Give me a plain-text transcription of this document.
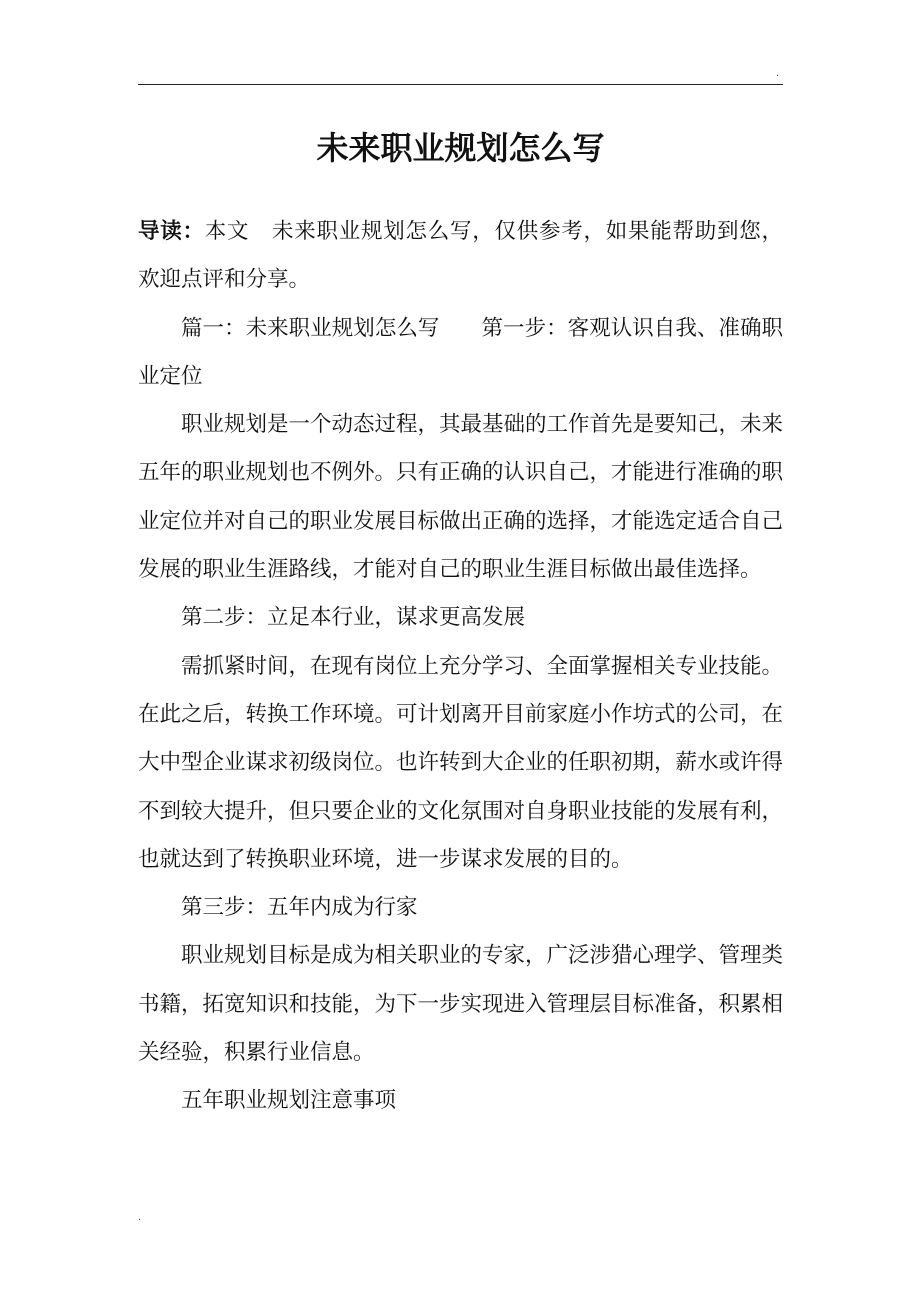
.
未来职业规划怎么写

导读：本文 未来职业规划怎么写，仅供参考，如果能帮助到您，欢迎点评和分享。

篇一：未来职业规划怎么写 第一步：客观认识自我、准确职业定位

职业规划是一个动态过程，其最基础的工作首先是要知己，未来五年的职业规划也不例外。只有正确的认识自己，才能进行准确的职业定位并对自己的职业发展目标做出正确的选择，才能选定适合自己发展的职业生涯路线，才能对自己的职业生涯目标做出最佳选择。

第二步：立足本行业，谋求更高发展

需抓紧时间，在现有岗位上充分学习、全面掌握相关专业技能。在此之后，转换工作环境。可计划离开目前家庭小作坊式的公司，在大中型企业谋求初级岗位。也许转到大企业的任职初期，薪水或许得不到较大提升，但只要企业的文化氛围对自身职业技能的发展有利，也就达到了转换职业环境，进一步谋求发展的目的。

第三步：五年内成为行家

职业规划目标是成为相关职业的专家，广泛涉猎心理学、管理类书籍，拓宽知识和技能，为下一步实现进入管理层目标准备，积累相关经验，积累行业信息。

五年职业规划注意事项

.
